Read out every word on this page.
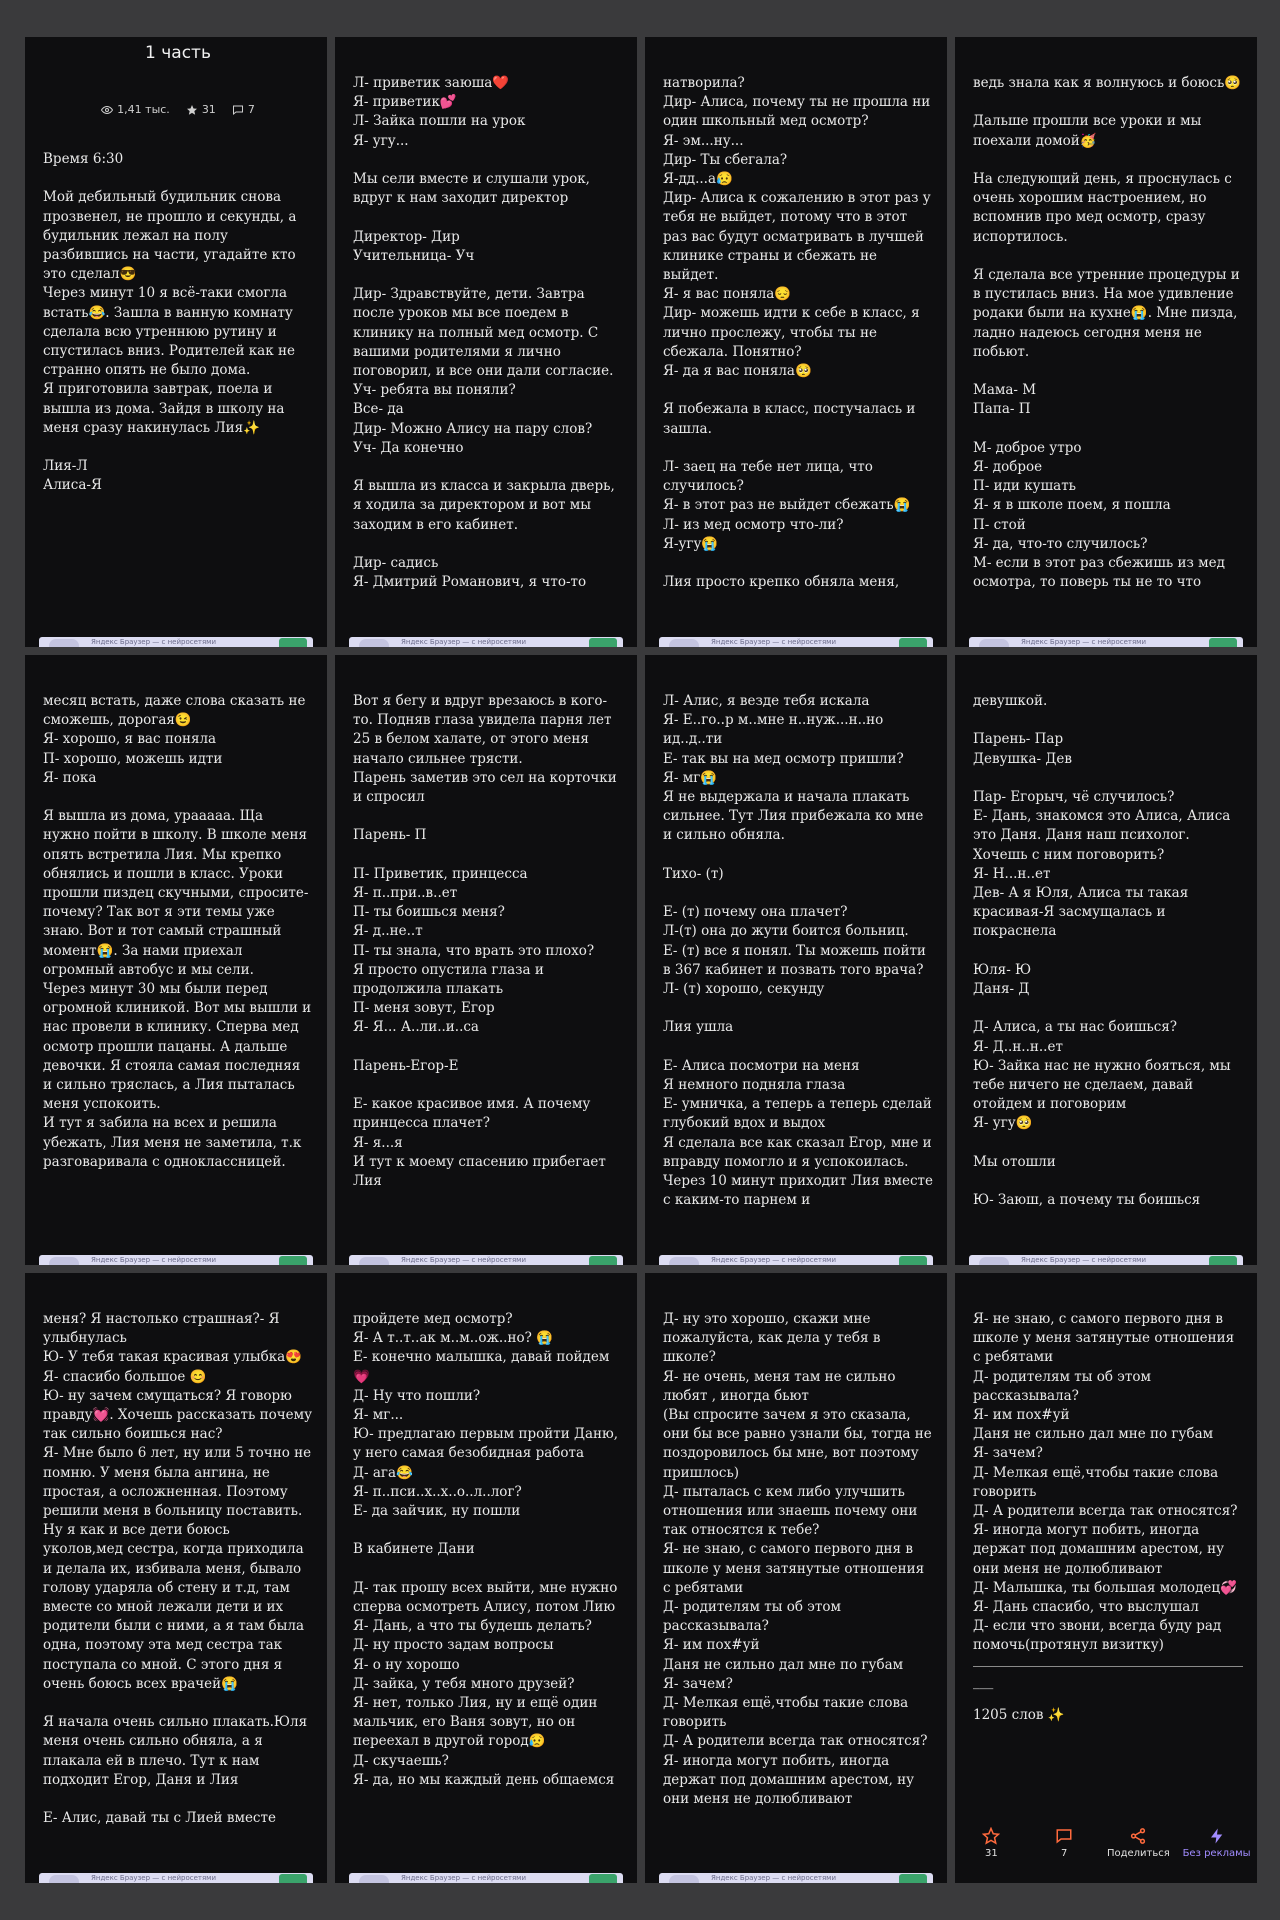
1 часть
1,41 тыс.	31	7
Время 6:30

Мой дебильный будильник снова прозвенел, не прошло и секунды, а будильник лежал на полу разбившись на части, угадайте кто это сделал😎
Через минут 10 я всё-таки смогла встать😂. Зашла в ванную комнату сделала всю утреннюю рутину и спустилась вниз. Родителей как не странно опять не было дома.
Я приготовила завтрак, поела и вышла из дома. Зайдя в школу на меня сразу накинулась Лия✨

Лия-Л
Алиса-Я
Яндекс Браузер — с нейросетями
Л- приветик заюша❤️
Я- приветик💕
Л- Зайка пошли на урок
Я- угу...

Мы сели вместе и слушали урок, вдруг к нам заходит директор

Директор- Дир
Учительница- Уч

Дир- Здравствуйте, дети. Завтра после уроков мы все поедем в клинику на полный мед осмотр. С вашими родителями я лично поговорил, и все они дали согласие.
Уч- ребята вы поняли?
Все- да
Дир- Можно Алису на пару слов?
Уч- Да конечно

Я вышла из класса и закрыла дверь, я ходила за директором и вот мы заходим в его кабинет.

Дир- садись
Я- Дмитрий Романович, я что-то
Яндекс Браузер — с нейросетями
натворила?
Дир- Алиса, почему ты не прошла ни один школьный мед осмотр?
Я- эм...ну...
Дир- Ты сбегала?
Я-дд...а😥
Дир- Алиса к сожалению в этот раз у тебя не выйдет, потому что в этот раз вас будут осматривать в лучшей клинике страны и сбежать не выйдет.
Я- я вас поняла😔
Дир- можешь идти к себе в класс, я лично прослежу, чтобы ты не сбежала. Понятно?
Я- да я вас поняла🥺

Я побежала в класс, постучалась и зашла.

Л- заец на тебе нет лица, что случилось?
Я- в этот раз не выйдет сбежать😭
Л- из мед осмотр что-ли?
Я-угу😭

Лия просто крепко обняла меня,
Яндекс Браузер — с нейросетями
ведь знала как я волнуюсь и боюсь🥺

Дальше прошли все уроки и мы поехали домой🥳

На следующий день, я проснулась с очень хорошим настроением, но вспомнив про мед осмотр, сразу испортилось.

Я сделала все утренние процедуры и в пустилась вниз. На мое удивление родаки были на кухне😭. Мне пизда, ладно надеюсь сегодня меня не побьют.

Мама- М
Папа- П

М- доброе утро
Я- доброе
П- иди кушать
Я- я в школе поем, я пошла
П- стой
Я- да, что-то случилось?
М- если в этот раз сбежишь из мед осмотра, то поверь ты не то что
Яндекс Браузер — с нейросетями
месяц встать, даже слова сказать не сможешь, дорогая😉
Я- хорошо, я вас поняла
П- хорошо, можешь идти
Я- пока

Я вышла из дома, урааааа. Ща нужно пойти в школу. В школе меня опять встретила Лия. Мы крепко обнялись и пошли в класс. Уроки прошли пиздец скучными, спросите-почему? Так вот я эти темы уже знаю. Вот и тот самый страшный момент😭. За нами приехал огромный автобус и мы сели.
Через минут 30 мы были перед огромной клиникой. Вот мы вышли и нас провели в клинику. Сперва мед осмотр прошли пацаны. А дальше девочки. Я стояла самая последняя и сильно тряслась, а Лия пыталась меня успокоить.
И тут я забила на всех и решила убежать, Лия меня не заметила, т.к разговаривала с одноклассницей.
Яндекс Браузер — с нейросетями
Вот я бегу и вдруг врезаюсь в кого-то. Подняв глаза увидела парня лет 25 в белом халате, от этого меня начало сильнее трясти.
Парень заметив это сел на корточки и спросил

Парень- П

П- Приветик, принцесса
Я- п..при..в..ет
П- ты боишься меня?
Я- д..не..т
П- ты знала, что врать это плохо?
Я просто опустила глаза и продолжила плакать
П- меня зовут, Егор
Я- Я... А..ли..и..са

Парень-Егор-Е

Е- какое красивое имя. А почему принцесса плачет?
Я- я...я
И тут к моему спасению прибегает Лия
Яндекс Браузер — с нейросетями
Л- Алис, я везде тебя искала
Я- Е..го..р м..мне н..нуж...н..но ид..д..ти
Е- так вы на мед осмотр пришли?
Я- мг😭
Я не выдержала и начала плакать сильнее. Тут Лия прибежала ко мне и сильно обняла.

Тихо- (т)

Е- (т) почему она плачет?
Л-(т) она до жути боится больниц.
Е- (т) все я понял. Ты можешь пойти в 367 кабинет и позвать того врача?
Л- (т) хорошо, секунду

Лия ушла

Е- Алиса посмотри на меня
Я немного подняла глаза
Е- умничка, а теперь а теперь сделай глубокий вдох и выдох
Я сделала все как сказал Егор, мне и вправду помогло и я успокоилась. Через 10 минут приходит Лия вместе с каким-то парнем и
Яндекс Браузер — с нейросетями
девушкой.

Парень- Пар
Девушка- Дев

Пар- Егорыч, чё случилось?
Е- Дань, знакомся это Алиса, Алиса это Даня. Даня наш психолог. Хочешь с ним поговорить?
Я- Н...н..ет
Дев- А я Юля, Алиса ты такая красивая-Я засмущалась и покраснела

Юля- Ю
Даня- Д

Д- Алиса, а ты нас боишься?
Я- Д..н..н..ет
Ю- Зайка нас не нужно бояться, мы тебе ничего не сделаем, давай отойдем и поговорим
Я- угу🥺

Мы отошли

Ю- Заюш, а почему ты боишься
Яндекс Браузер — с нейросетями
меня? Я настолько страшная?- Я улыбнулась
Ю- У тебя такая красивая улыбка😍
Я- спасибо большое 😊
Ю- ну зачем смущаться? Я говорю правду💓. Хочешь рассказать почему так сильно боишься нас?
Я- Мне было 6 лет, ну или 5 точно не помню. У меня была ангина, не простая, а осложненная. Поэтому решили меня в больницу поставить. Ну я как и все дети боюсь уколов,мед сестра, когда приходила и делала их, избивала меня, бывало голову ударяла об стену и т.д, там вместе со мной лежали дети и их родители были с ними, а я там была одна, поэтому эта мед сестра так поступала со мной. С этого дня я очень боюсь всех врачей😭

Я начала очень сильно плакать.Юля меня очень сильно обняла, а я плакала ей в плечо. Тут к нам подходит Егор, Даня и Лия

Е- Алис, давай ты с Лией вместе
Яндекс Браузер — с нейросетями
пройдете мед осмотр?
Я- А т..т..ак м..м..ож..но? 😭
Е- конечно малышка, давай пойдем 💗
Д- Ну что пошли?
Я- мг...
Ю- предлагаю первым пройти Даню, у него самая безобидная работа
Д- ага😂
Я- п..пси..х..х..о..л..лог?
Е- да зайчик, ну пошли

В кабинете Дани

Д- так прошу всех выйти, мне нужно сперва осмотреть Алису, потом Лию
Я- Дань, а что ты будешь делать?
Д- ну просто задам вопросы
Я- о ну хорошо
Д- зайка, у тебя много друзей?
Я- нет, только Лия, ну и ещё один мальчик, его Ваня зовут, но он переехал в другой город😥
Д- скучаешь?
Я- да, но мы каждый день общаемся
Яндекс Браузер — с нейросетями
Д- ну это хорошо, скажи мне пожалуйста, как дела у тебя в школе?
Я- не очень, меня там не сильно любят , иногда бьют
(Вы спросите зачем я это сказала, они бы все равно узнали бы, тогда не поздоровилось бы мне, вот поэтому пришлось)
Д- пыталась с кем либо улучшить отношения или знаешь почему они так относятся к тебе?
Я- не знаю, с самого первого дня в школе у меня затянутые отношения с ребятами
Д- родителям ты об этом рассказывала?
Я- им пох#уй
Даня не сильно дал мне по губам
Я- зачем?
Д- Мелкая ещё,чтобы такие слова говорить
Д- А родители всегда так относятся?
Я- иногда могут побить, иногда держат под домашним арестом, ну они меня не долюбливают
Яндекс Браузер — с нейросетями
Я- не знаю, с самого первого дня в школе у меня затянутые отношения с ребятами
Д- родителям ты об этом рассказывала?
Я- им пох#уй
Даня не сильно дал мне по губам
Я- зачем?
Д- Мелкая ещё,чтобы такие слова говорить
Д- А родители всегда так относятся?
Я- иногда могут побить, иногда держат под домашним арестом, ну они меня не долюбливают
Д- Малышка, ты большая молодец💞
Я- Дань спасибо, что выслушал
Д- если что звони, всегда буду рад помочь(протянул визитку)
___
1205 слов ✨
31	7	Поделиться Без рекламы
